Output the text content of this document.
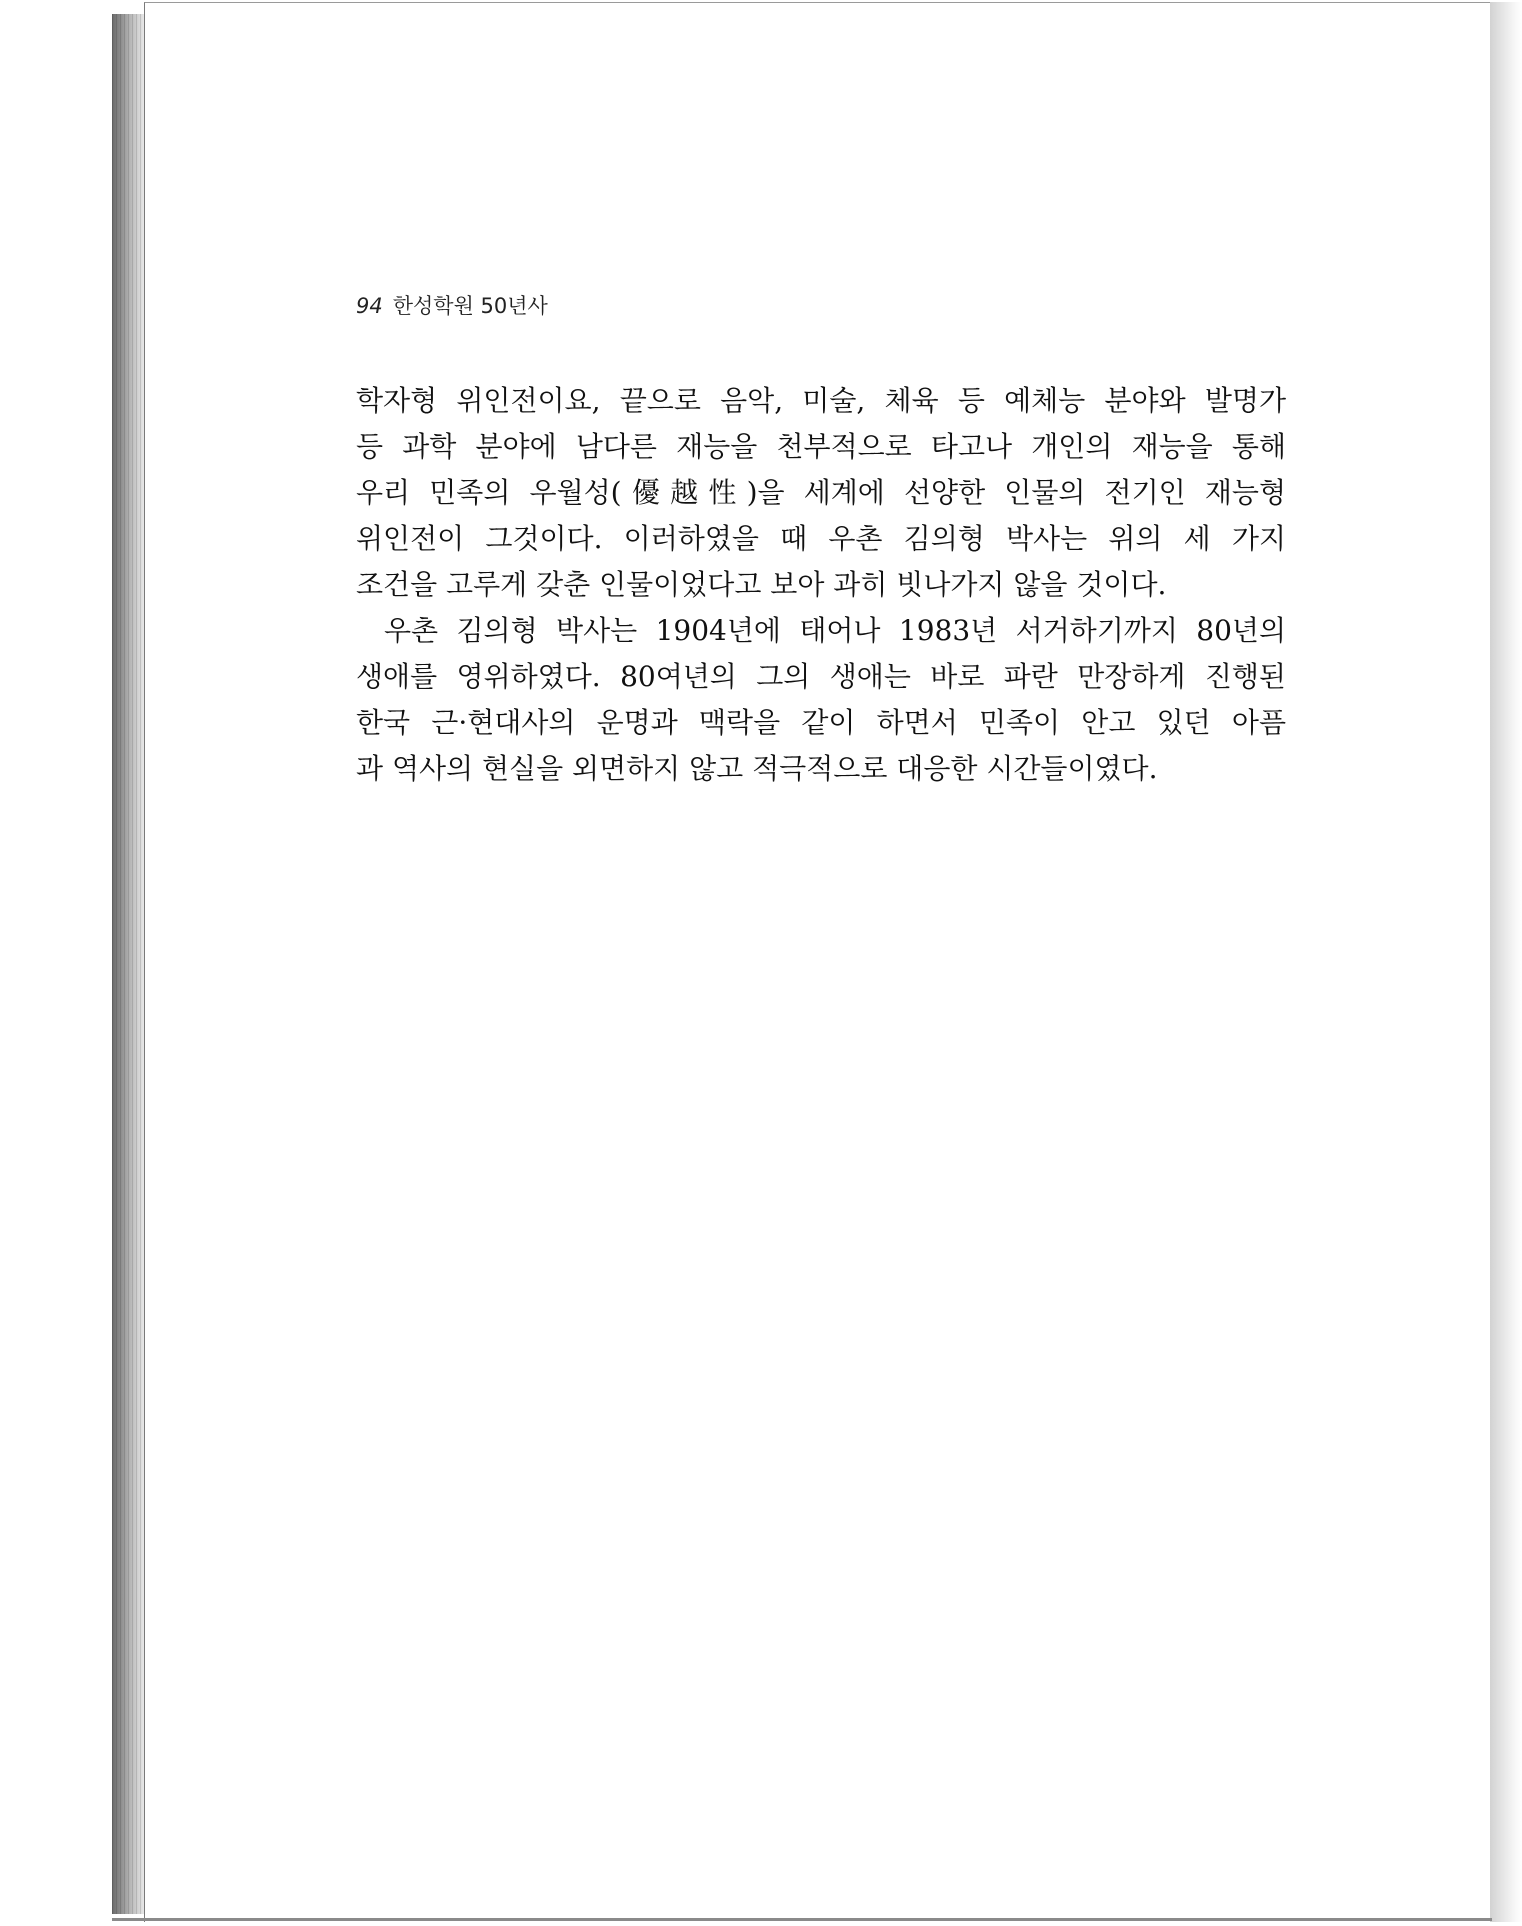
94 한성학원 50년사
학자형 위인전이요, 끝으로 음악, 미술, 체육 등 예체능 분야와 발명가
등 과학 분야에 남다른 재능을 천부적으로 타고나 개인의 재능을 통해
우리 민족의 우월성(優越性)을 세계에 선양한 인물의 전기인 재능형
위인전이 그것이다. 이러하였을 때 우촌 김의형 박사는 위의 세 가지
조건을 고루게 갖춘 인물이었다고 보아 과히 빗나가지 않을 것이다.
우촌 김의형 박사는 1904년에 태어나 1983년 서거하기까지 80년의
생애를 영위하였다. 80여년의 그의 생애는 바로 파란 만장하게 진행된
한국 근·현대사의 운명과 맥락을 같이 하면서 민족이 안고 있던 아픔
과 역사의 현실을 외면하지 않고 적극적으로 대응한 시간들이였다.
